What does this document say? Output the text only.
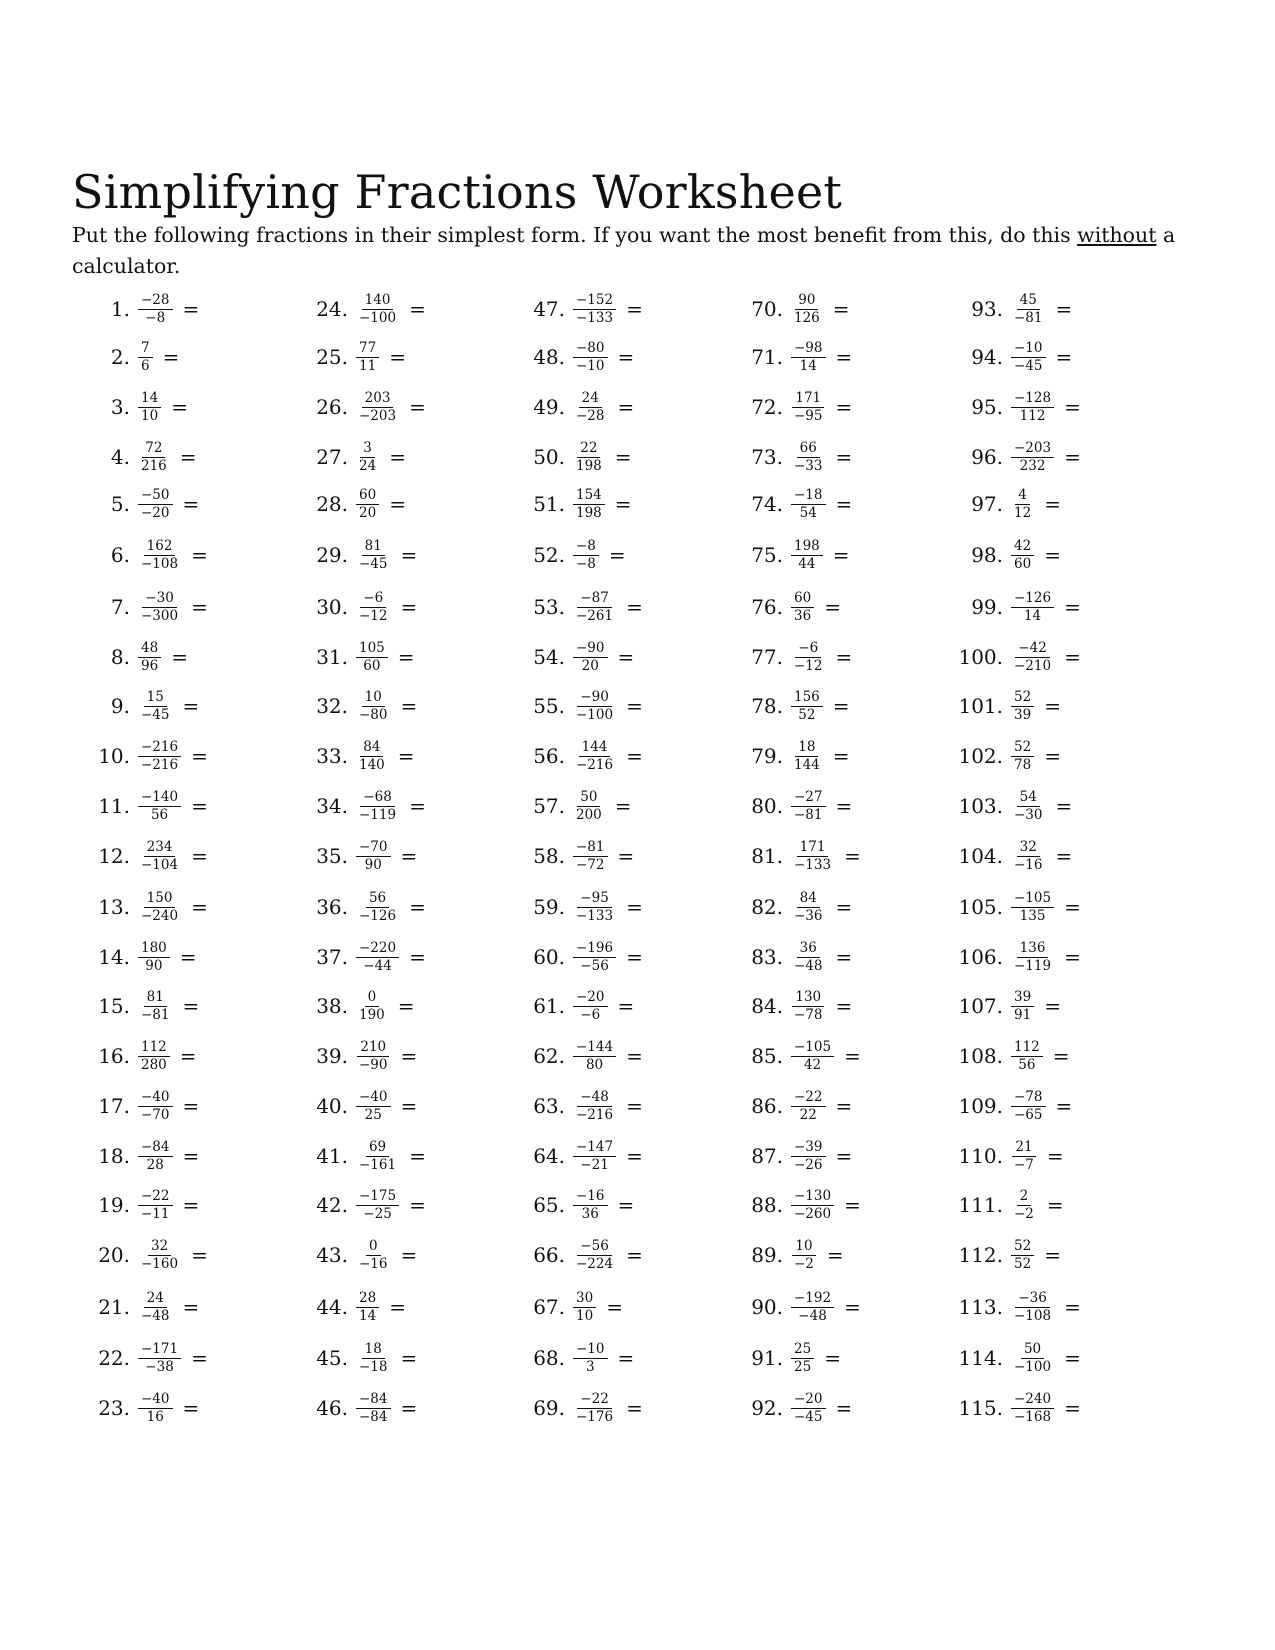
Simplifying Fractions Worksheet
Put the following fractions in their simplest form. If you want the most benefit from this, do this without a calculator.
1. $\frac{-28}{-8}$ =
2. $\frac{7}{6}$ =
3. $\frac{14}{10}$ =
4. $\frac{72}{216}$ =
5. $\frac{-50}{-20}$ =
6. $\frac{162}{-108}$ =
7. $\frac{-30}{-300}$ =
8. $\frac{48}{96}$ =
9. $\frac{15}{-45}$ =
10. $\frac{-216}{-216}$ =
11. $\frac{-140}{56}$ =
12. $\frac{234}{-104}$ =
13. $\frac{150}{-240}$ =
14. $\frac{180}{90}$ =
15. $\frac{81}{-81}$ =
16. $\frac{112}{280}$ =
17. $\frac{-40}{-70}$ =
18. $\frac{-84}{28}$ =
19. $\frac{-22}{-11}$ =
20. $\frac{32}{-160}$ =
21. $\frac{24}{-48}$ =
22. $\frac{-171}{-38}$ =
23. $\frac{-40}{16}$ =
24. $\frac{140}{-100}$ =
25. $\frac{77}{11}$ =
26. $\frac{203}{-203}$ =
27. $\frac{3}{24}$ =
28. $\frac{60}{20}$ =
29. $\frac{81}{-45}$ =
30. $\frac{-6}{-12}$ =
31. $\frac{105}{60}$ =
32. $\frac{10}{-80}$ =
33. $\frac{84}{140}$ =
34. $\frac{-68}{-119}$ =
35. $\frac{-70}{90}$ =
36. $\frac{56}{-126}$ =
37. $\frac{-220}{-44}$ =
38. $\frac{0}{190}$ =
39. $\frac{210}{-90}$ =
40. $\frac{-40}{25}$ =
41. $\frac{69}{-161}$ =
42. $\frac{-175}{-25}$ =
43. $\frac{0}{-16}$ =
44. $\frac{28}{14}$ =
45. $\frac{18}{-18}$ =
46. $\frac{-84}{-84}$ =
47. $\frac{-152}{-133}$ =
48. $\frac{-80}{-10}$ =
49. $\frac{24}{-28}$ =
50. $\frac{22}{198}$ =
51. $\frac{154}{198}$ =
52. $\frac{-8}{-8}$ =
53. $\frac{-87}{-261}$ =
54. $\frac{-90}{20}$ =
55. $\frac{-90}{-100}$ =
56. $\frac{144}{-216}$ =
57. $\frac{50}{200}$ =
58. $\frac{-81}{-72}$ =
59. $\frac{-95}{-133}$ =
60. $\frac{-196}{-56}$ =
61. $\frac{-20}{-6}$ =
62. $\frac{-144}{80}$ =
63. $\frac{-48}{-216}$ =
64. $\frac{-147}{-21}$ =
65. $\frac{-16}{36}$ =
66. $\frac{-56}{-224}$ =
67. $\frac{30}{10}$ =
68. $\frac{-10}{3}$ =
69. $\frac{-22}{-176}$ =
70. $\frac{90}{126}$ =
71. $\frac{-98}{14}$ =
72. $\frac{171}{-95}$ =
73. $\frac{66}{-33}$ =
74. $\frac{-18}{54}$ =
75. $\frac{198}{44}$ =
76. $\frac{60}{36}$ =
77. $\frac{-6}{-12}$ =
78. $\frac{156}{52}$ =
79. $\frac{18}{144}$ =
80. $\frac{-27}{-81}$ =
81. $\frac{171}{-133}$ =
82. $\frac{84}{-36}$ =
83. $\frac{36}{-48}$ =
84. $\frac{130}{-78}$ =
85. $\frac{-105}{42}$ =
86. $\frac{-22}{22}$ =
87. $\frac{-39}{-26}$ =
88. $\frac{-130}{-260}$ =
89. $\frac{10}{-2}$ =
90. $\frac{-192}{-48}$ =
91. $\frac{25}{25}$ =
92. $\frac{-20}{-45}$ =
93. $\frac{45}{-81}$ =
94. $\frac{-10}{-45}$ =
95. $\frac{-128}{112}$ =
96. $\frac{-203}{232}$ =
97. $\frac{4}{12}$ =
98. $\frac{42}{60}$ =
99. $\frac{-126}{14}$ =
100. $\frac{-42}{-210}$ =
101. $\frac{52}{39}$ =
102. $\frac{52}{78}$ =
103. $\frac{54}{-30}$ =
104. $\frac{32}{-16}$ =
105. $\frac{-105}{135}$ =
106. $\frac{136}{-119}$ =
107. $\frac{39}{91}$ =
108. $\frac{112}{56}$ =
109. $\frac{-78}{-65}$ =
110. $\frac{21}{-7}$ =
111. $\frac{2}{-2}$ =
112. $\frac{52}{52}$ =
113. $\frac{-36}{-108}$ =
114. $\frac{50}{-100}$ =
115. $\frac{-240}{-168}$ =
